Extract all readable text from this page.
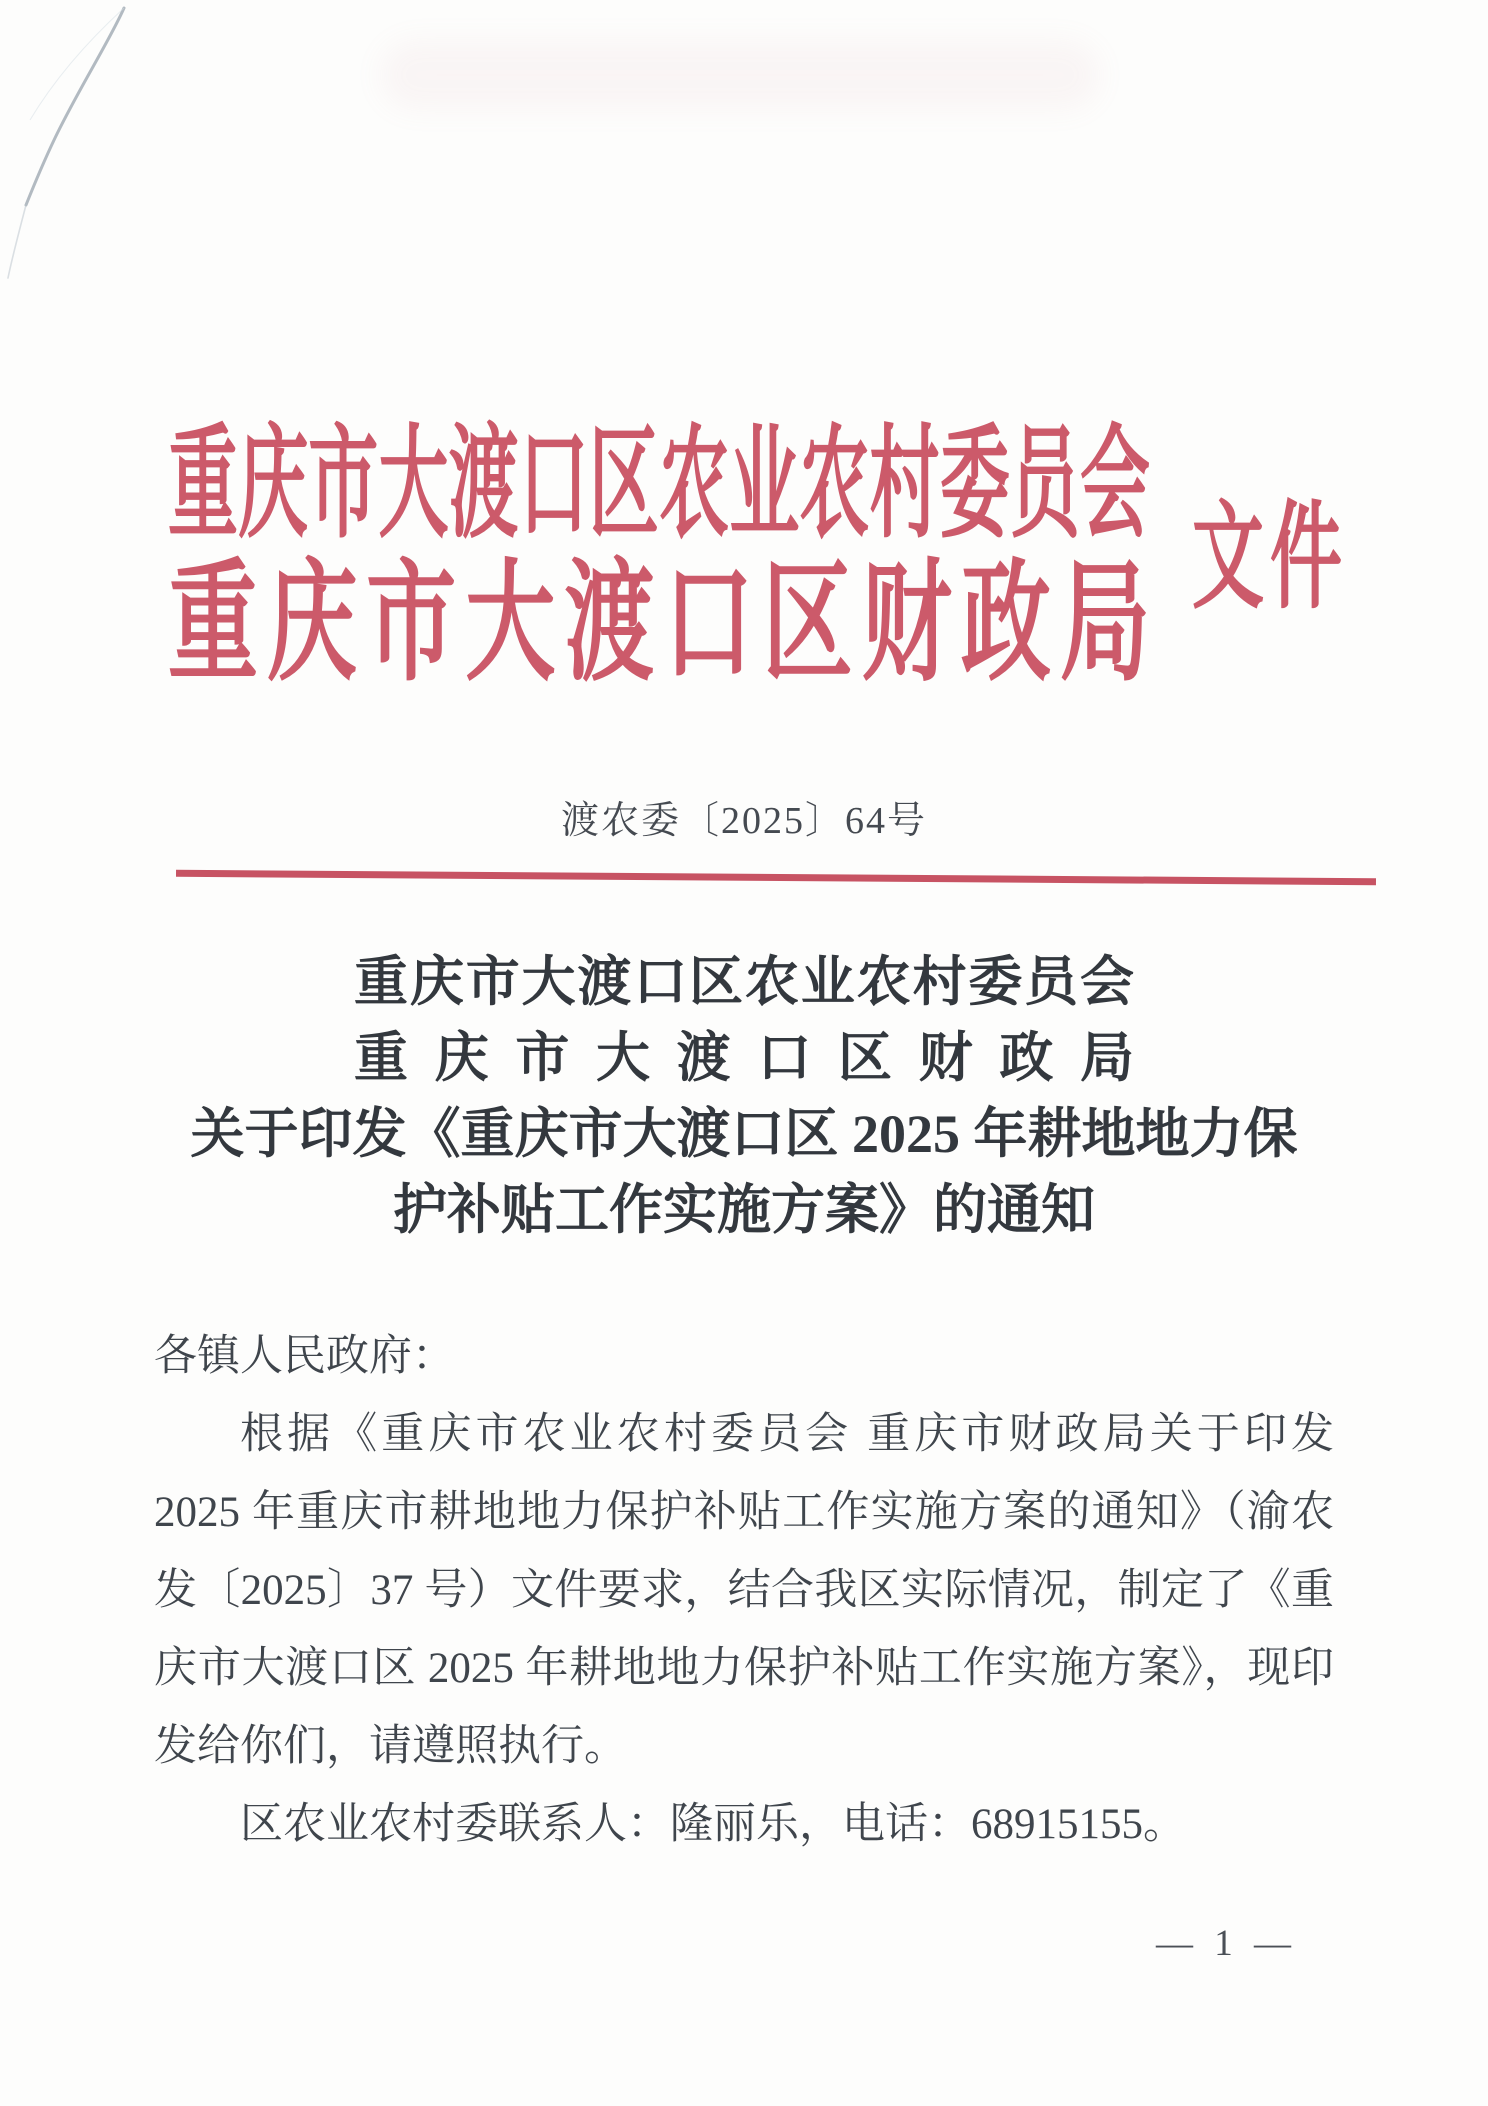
重庆市大渡口区农业农村委员会
重庆市大渡口区财政局 文件
渡农委〔2025〕64号
重庆市大渡口区农业农村委员会
重庆市大渡口区财政局
关于印发《重庆市大渡口区 2025 年耕地地力保
护补贴工作实施方案》的通知

各镇人民政府：

根据《重庆市农业农村委员会 重庆市财政局关于印发 2025 年重庆市耕地地力保护补贴工作实施方案的通知》（渝农发〔2025〕37 号）文件要求，结合我区实际情况，制定了《重庆市大渡口区 2025 年耕地地力保护补贴工作实施方案》，现印发给你们，请遵照执行。

区农业农村委联系人：隆丽乐，电话：68915155。

— 1 —
